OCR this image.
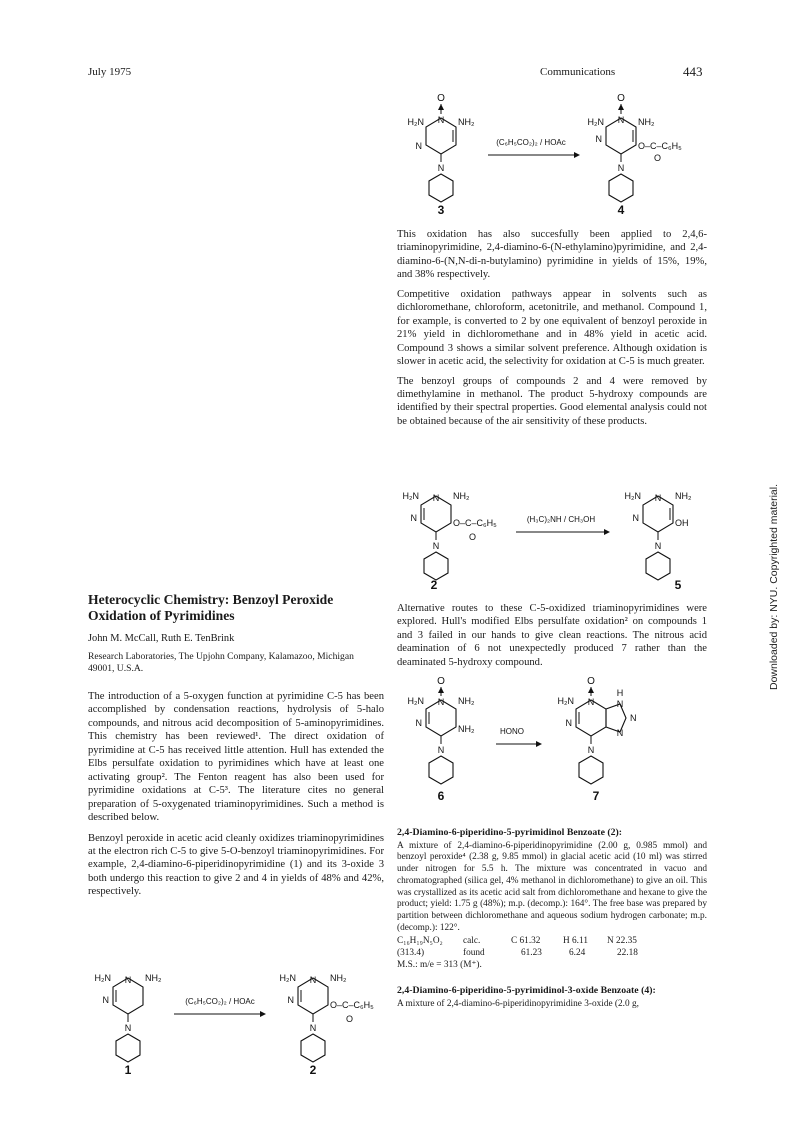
July 1975	Communications	443
Downloaded by: NYU. Copyrighted material.
O
N
N
H₂N	NH₂
N
3
(C₆H₅CO₂)₂ / HOAc
O
N
N
H₂N	NH₂
O–C–C₆H₅
O
N
4

This oxidation has also succesfully been applied to 2,4,6-triaminopyrimidine, 2,4-diamino-6-(N-ethylamino)pyrimidine, and 2,4-diamino-6-(N,N-di-n-butylamino) pyrimidine in yields of 15%, 19%, and 38% respectively.

Competitive oxidation pathways appear in solvents such as dichloromethane, chloroform, acetonitrile, and methanol. Compound 1, for example, is converted to 2 by one equivalent of benzoyl peroxide in 21% yield in dichloromethane and in 48% yield in acetic acid. Compound 3 shows a similar solvent preference. Although oxidation is slower in acetic acid, the selectivity for oxidation at C-5 is much greater.

The benzoyl groups of compounds 2 and 4 were removed by dimethylamine in methanol. The product 5-hydroxy compounds are identified by their spectral properties. Good elemental analysis could not be obtained because of the air sensitivity of these products.

N
N
H₂N	NH₂
O–C–C₆H₅
O
N
2
(H₃C)₂NH / CH₃OH
N
N
H₂N	NH₂
OH
N
5

Alternative routes to these C-5-oxidized triaminopyrimidines were explored. Hull's modified Elbs persulfate oxidation² on compounds 1 and 3 failed in our hands to give clean reactions. The nitrous acid deamination of 6 not unexpectedly produced 7 rather than the deaminated 5-hydroxy compound.

O
N
N
H₂N	NH₂
NH₂
N
6
HONO
O
N
N
H₂N
H
N
N
N
N
7

2,4-Diamino-6-piperidino-5-pyrimidinol Benzoate (2):

A mixture of 2,4-diamino-6-piperidinopyrimidine (2.00 g, 0.985 mmol) and benzoyl peroxide⁴ (2.38 g, 9.85 mmol) in glacial acetic acid (10 ml) was stirred under nitrogen for 5.5 h. The mixture was concentrated in vacuo and chromatographed (silica gel, 4% methanol in dichloromethane) to give an oil. This was crystallized as its acetic acid salt from dichloromethane and hexane to give the product; yield: 1.75 g (48%); m.p. (decomp.): 164°. The free base was prepared by partition between dichloromethane and aqueous sodium hydrogen carbonate; m.p. (decomp.): 122°.

C₁₆H₁₉N₅O₂	calc.	C 61.32	H 6.11	N 22.35
(313.4)	found	61.23	6.24	22.18

M.S.: m/e = 313 (M⁺).

2,4-Diamino-6-piperidino-5-pyrimidinol-3-oxide Benzoate (4):

A mixture of 2,4-diamino-6-piperidinopyrimidine 3-oxide (2.0 g,

Heterocyclic Chemistry: Benzoyl Peroxide Oxidation of Pyrimidines
John M. McCall, Ruth E. TenBrink
Research Laboratories, The Upjohn Company, Kalamazoo, Michigan 49001, U.S.A.

The introduction of a 5-oxygen function at pyrimidine C-5 has been accomplished by condensation reactions, hydrolysis of 5-halo compounds, and nitrous acid decomposition of 5-aminopyrimidines. This chemistry has been reviewed¹. The direct oxidation of pyrimidine at C-5 has received little attention. Hull has extended the Elbs persulfate oxidation to pyrimidines which have at least one activating group². The Fenton reagent has also been used for pyrimidine oxidations at C-5³. The literature cites no general preparation of 5-oxygenated triaminopyrimidines. Such a method is described below.

Benzoyl peroxide in acetic acid cleanly oxidizes triaminopyrimidines at the electron rich C-5 to give 5-O-benzoyl triaminopyrimidines. For example, 2,4-diamino-6-piperidinopyrimidine (1) and its 3-oxide 3 both undergo this reaction to give 2 and 4 in yields of 48% and 42%, respectively.

N
N
H₂N	NH₂
N
1
(C₆H₅CO₂)₂ / HOAc
N
N
H₂N	NH₂
O–C–C₆H₅
O
N
2
